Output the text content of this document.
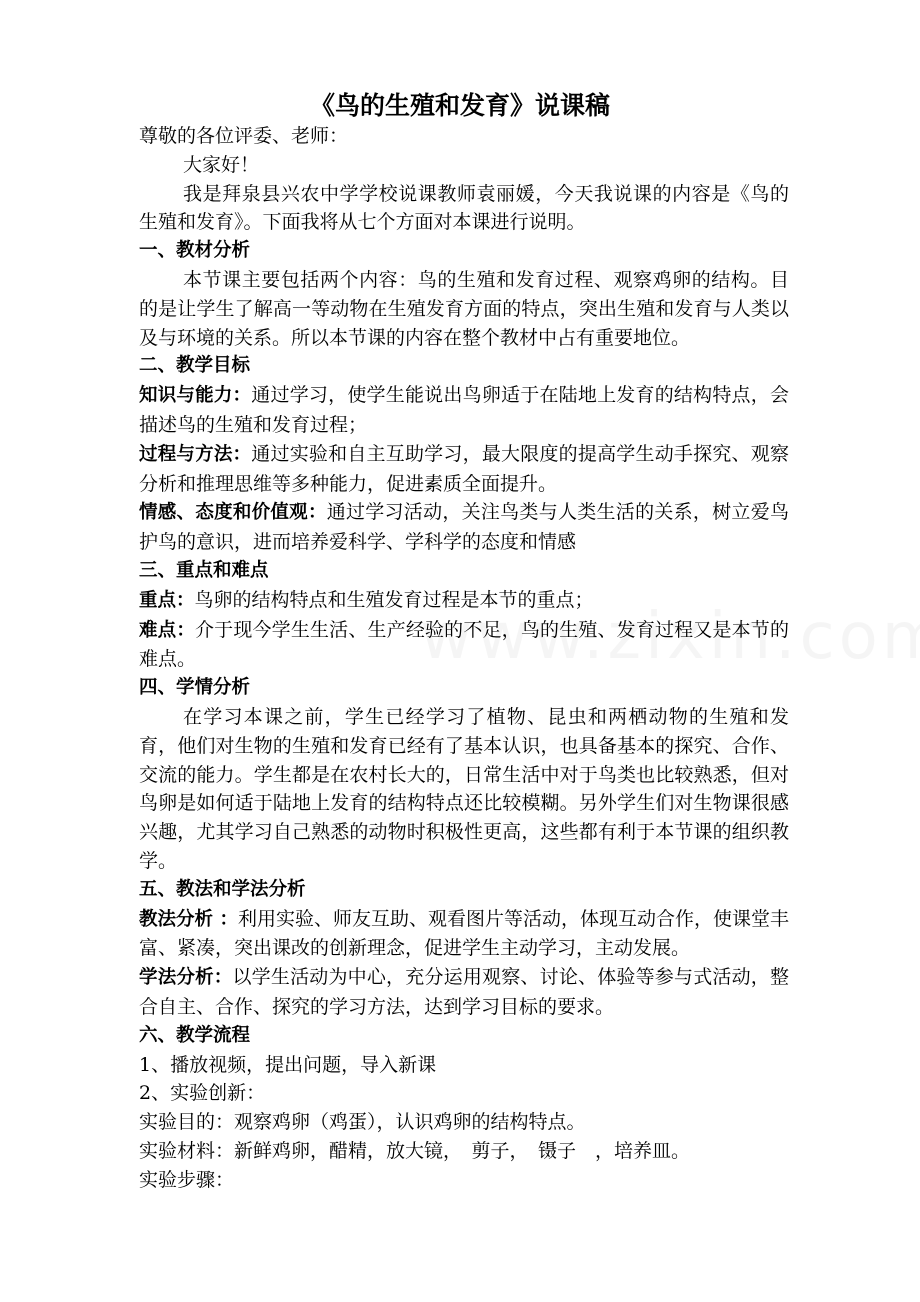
《鸟的生殖和发育》说课稿

尊敬的各位评委、老师：

大家好！

我是拜泉县兴农中学学校说课教师袁丽媛，今天我说课的内容是《鸟的生殖和发育》。下面我将从七个方面对本课进行说明。

一、教材分析

本节课主要包括两个内容：鸟的生殖和发育过程、观察鸡卵的结构。目的是让学生了解高一等动物在生殖发育方面的特点，突出生殖和发育与人类以及与环境的关系。所以本节课的内容在整个教材中占有重要地位。

二、教学目标

知识与能力：通过学习，使学生能说出鸟卵适于在陆地上发育的结构特点，会描述鸟的生殖和发育过程；

过程与方法：通过实验和自主互助学习，最大限度的提高学生动手探究、观察分析和推理思维等多种能力，促进素质全面提升。

情感、态度和价值观：通过学习活动，关注鸟类与人类生活的关系，树立爱鸟护鸟的意识，进而培养爱科学、学科学的态度和情感

三、重点和难点

重点：鸟卵的结构特点和生殖发育过程是本节的重点；

难点：介于现今学生生活、生产经验的不足，鸟的生殖、发育过程又是本节的难点。

四、学情分析

在学习本课之前，学生已经学习了植物、昆虫和两栖动物的生殖和发育，他们对生物的生殖和发育已经有了基本认识，也具备基本的探究、合作、交流的能力。学生都是在农村长大的，日常生活中对于鸟类也比较熟悉，但对鸟卵是如何适于陆地上发育的结构特点还比较模糊。另外学生们对生物课很感兴趣，尤其学习自己熟悉的动物时积极性更高，这些都有利于本节课的组织教学。

五、教法和学法分析

教法分析 ：利用实验、师友互助、观看图片等活动，体现互动合作，使课堂丰富、紧凑，突出课改的创新理念，促进学生主动学习，主动发展。

学法分析：以学生活动为中心，充分运用观察、讨论、体验等参与式活动，整合自主、合作、探究的学习方法，达到学习目标的要求。

六、教学流程

1、播放视频，提出问题，导入新课

2、实验创新：

实验目的：观察鸡卵（鸡蛋），认识鸡卵的结构特点。

实验材料：新鲜鸡卵，醋精，放大镜，　剪子，　镊子　，培养皿。

实验步骤：
